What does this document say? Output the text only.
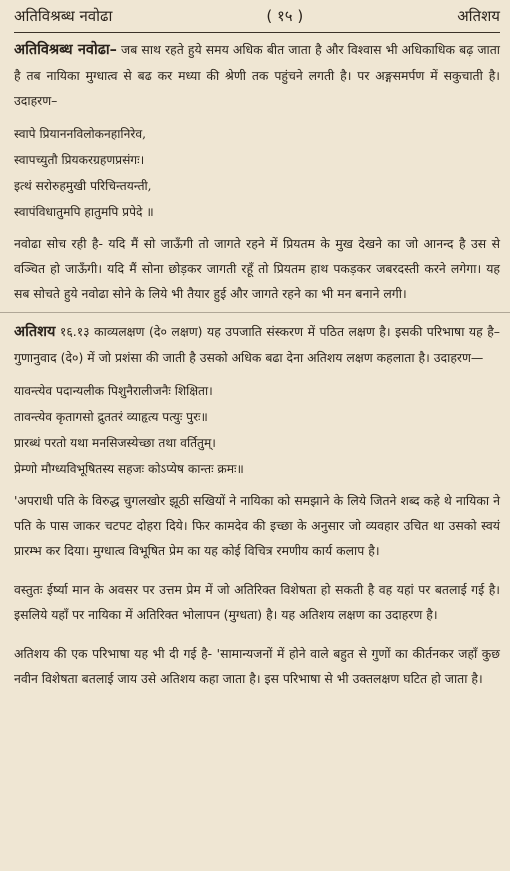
अतिविश्रब्ध नवोढा	( १५ )	अतिशय

अतिविश्रब्ध नवोढा– जब साथ रहते हुये समय अधिक बीत जाता है और विश्वास भी अधिकाधिक बढ़ जाता है तब नायिका मुग्धात्व से बढ कर मध्या की श्रेणी तक पहुंचने लगती है। पर अङ्गसमर्पण में सकुचाती है। उदाहरण–

स्वापे प्रियाननविलोकनहानिरेव,
स्वापच्युतौ प्रियकरग्रहणप्रसंगः।
इत्थं सरोरुहमुखी परिचिन्तयन्ती,
स्वापंविधातुमपि हातुमपि प्रपेदे ॥

नवोढा सोच रही है- यदि मैं सो जाऊँगी तो जागते रहने में प्रियतम के मुख देखने का जो आनन्द है उस से वञ्चित हो जाऊँगी। यदि मैं सोना छोड़कर जागती रहूँ तो प्रियतम हाथ पकड़कर जबरदस्ती करने लगेगा। यह सब सोचते हुये नवोढा सोने के लिये भी तैयार हुई और जागते रहने का भी मन बनाने लगी।

अतिशय १६.१३ काव्यलक्षण (दे० लक्षण) यह उपजाति संस्करण में पठित लक्षण है। इसकी परिभाषा यह है– गुणानुवाद (दे०) में जो प्रशंसा की जाती है उसको अधिक बढा देना अतिशय लक्षण कहलाता है। उदाहरण—

यावन्त्येव पदान्यलीक पिशुनैरालीजनैः शिक्षिता।
तावन्त्येव कृतागसो द्रुततरं व्याहृत्य पत्युः पुरः॥
प्रारब्धं परतो यथा मनसिजस्येच्छा तथा वर्तितुम्।
प्रेम्णो मौग्ध्यविभूषितस्य सहजः कोऽप्येष कान्तः क्रमः॥

'अपराधी पति के विरुद्ध चुगलखोर झूठी सखियों ने नायिका को समझाने के लिये जितने शब्द कहे थे नायिका ने पति के पास जाकर चटपट दोहरा दिये। फिर कामदेव की इच्छा के अनुसार जो व्यवहार उचित था उसको स्वयं प्रारम्भ कर दिया। मुग्धात्व विभूषित प्रेम का यह कोई विचित्र रमणीय कार्य कलाप है।

वस्तुतः ईर्ष्या मान के अवसर पर उत्तम प्रेम में जो अतिरिक्त विशेषता हो सकती है वह यहां पर बतलाई गई है। इसलिये यहाँ पर नायिका में अतिरिक्त भोलापन (मुग्धता) है। यह अतिशय लक्षण का उदाहरण है।

अतिशय की एक परिभाषा यह भी दी गई है- 'सामान्यजनों में होने वाले बहुत से गुणों का कीर्तनकर जहाँ कुछ नवीन विशेषता बतलाई जाय उसे अतिशय कहा जाता है। इस परिभाषा से भी उक्तलक्षण घटित हो जाता है।
